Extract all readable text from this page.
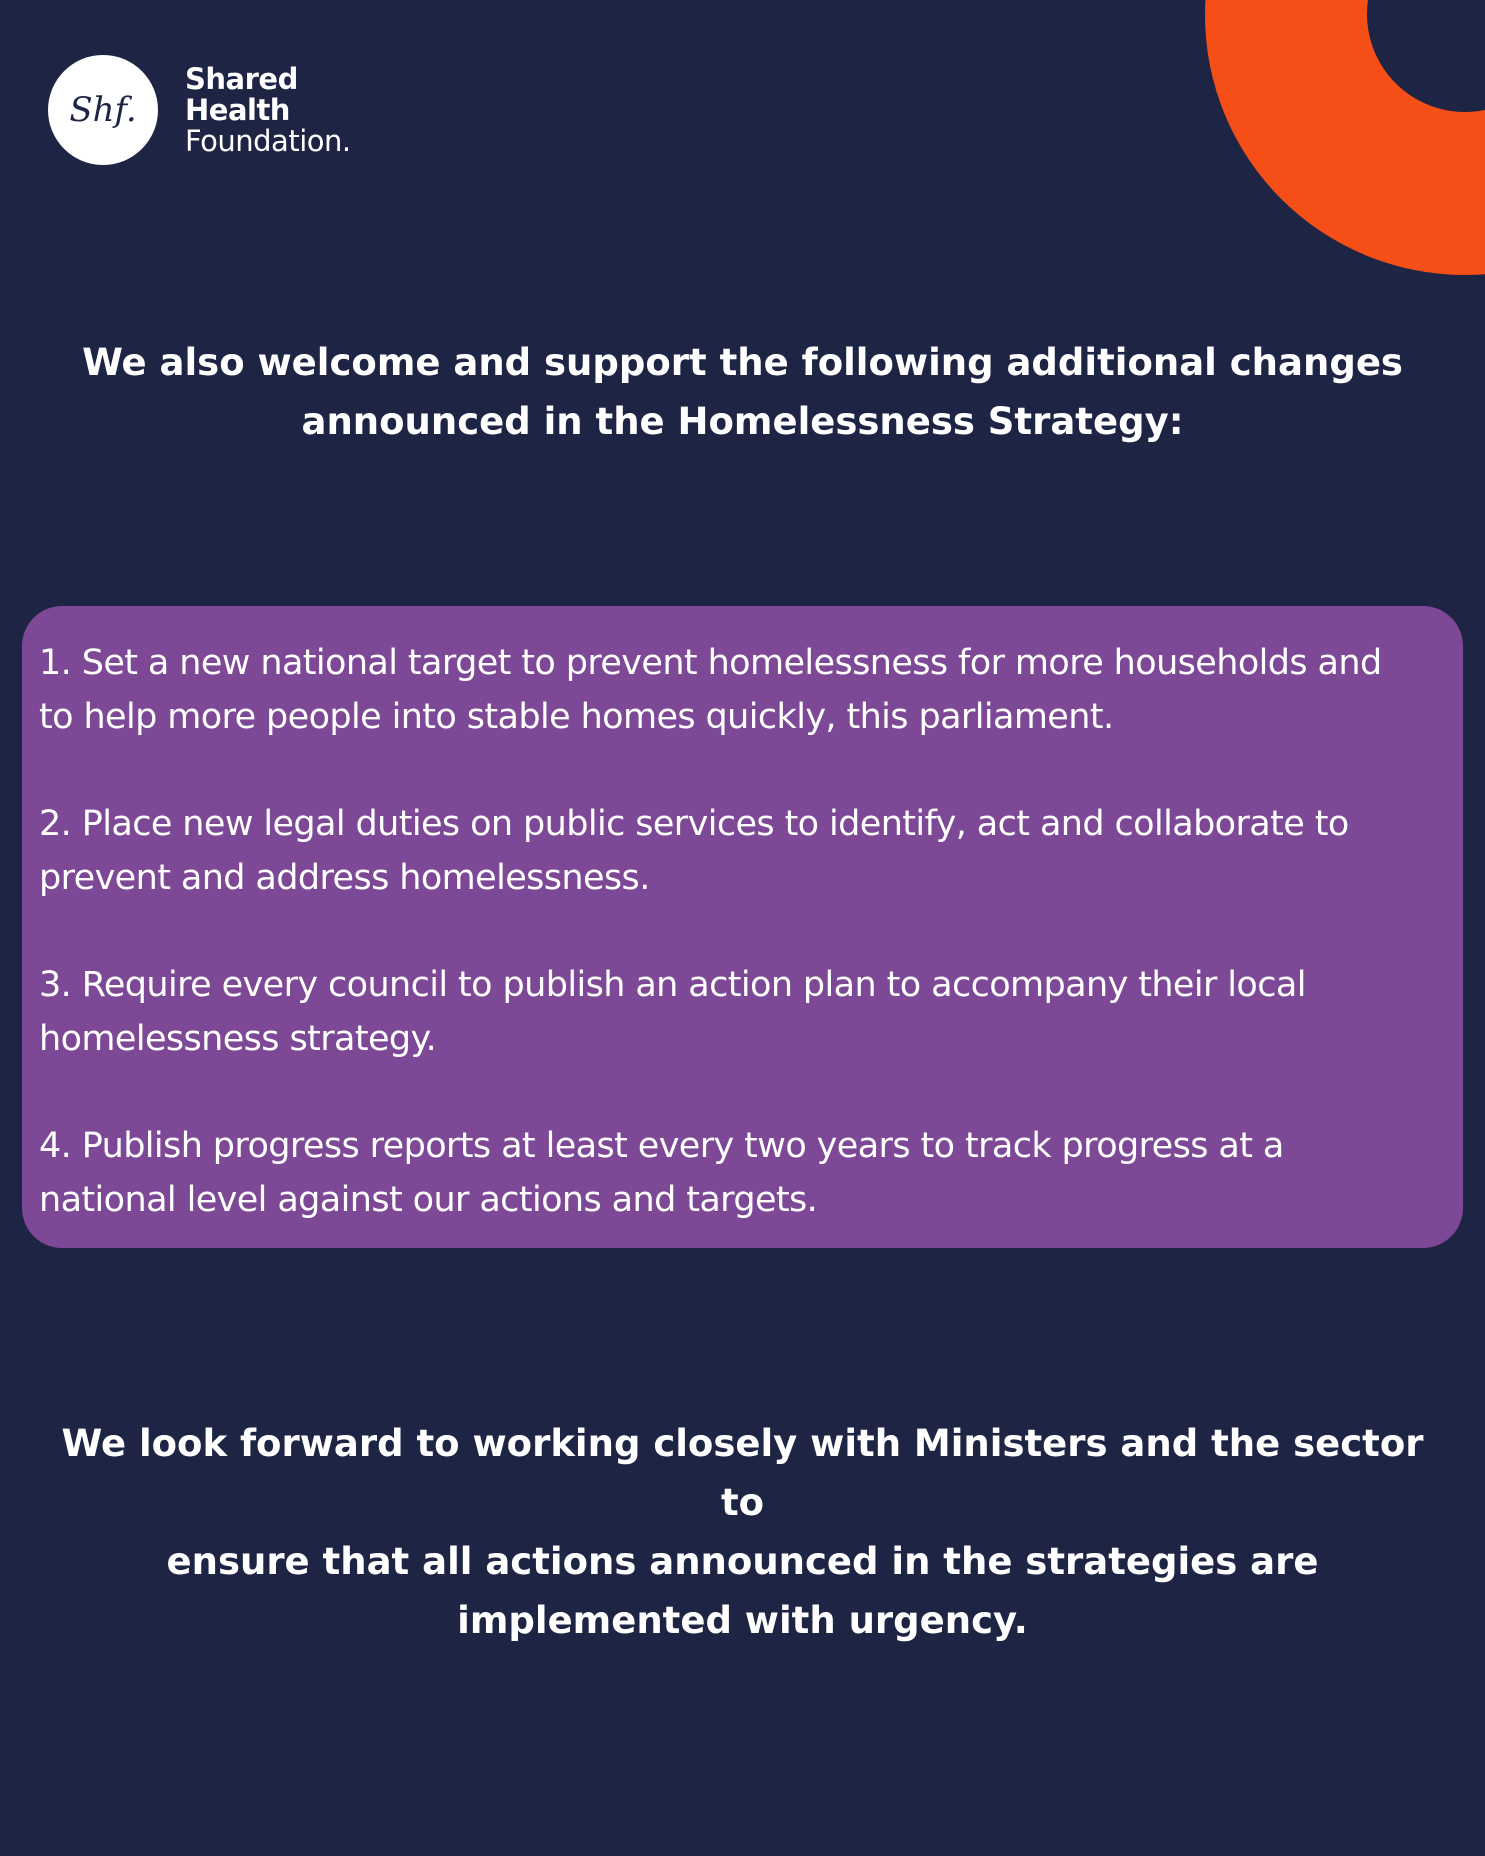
Shf.
Shared
Health
Foundation.
We also welcome and support the following additional changes announced in the Homelessness Strategy:

1. Set a new national target to prevent homelessness for more households and
to help more people into stable homes quickly, this parliament.

2. Place new legal duties on public services to identify, act and collaborate to
prevent and address homelessness.

3. Require every council to publish an action plan to accompany their local
homelessness strategy.

4. Publish progress reports at least every two years to track progress at a
national level against our actions and targets.

We look forward to working closely with Ministers and the sector to
ensure that all actions announced in the strategies are
implemented with urgency.
